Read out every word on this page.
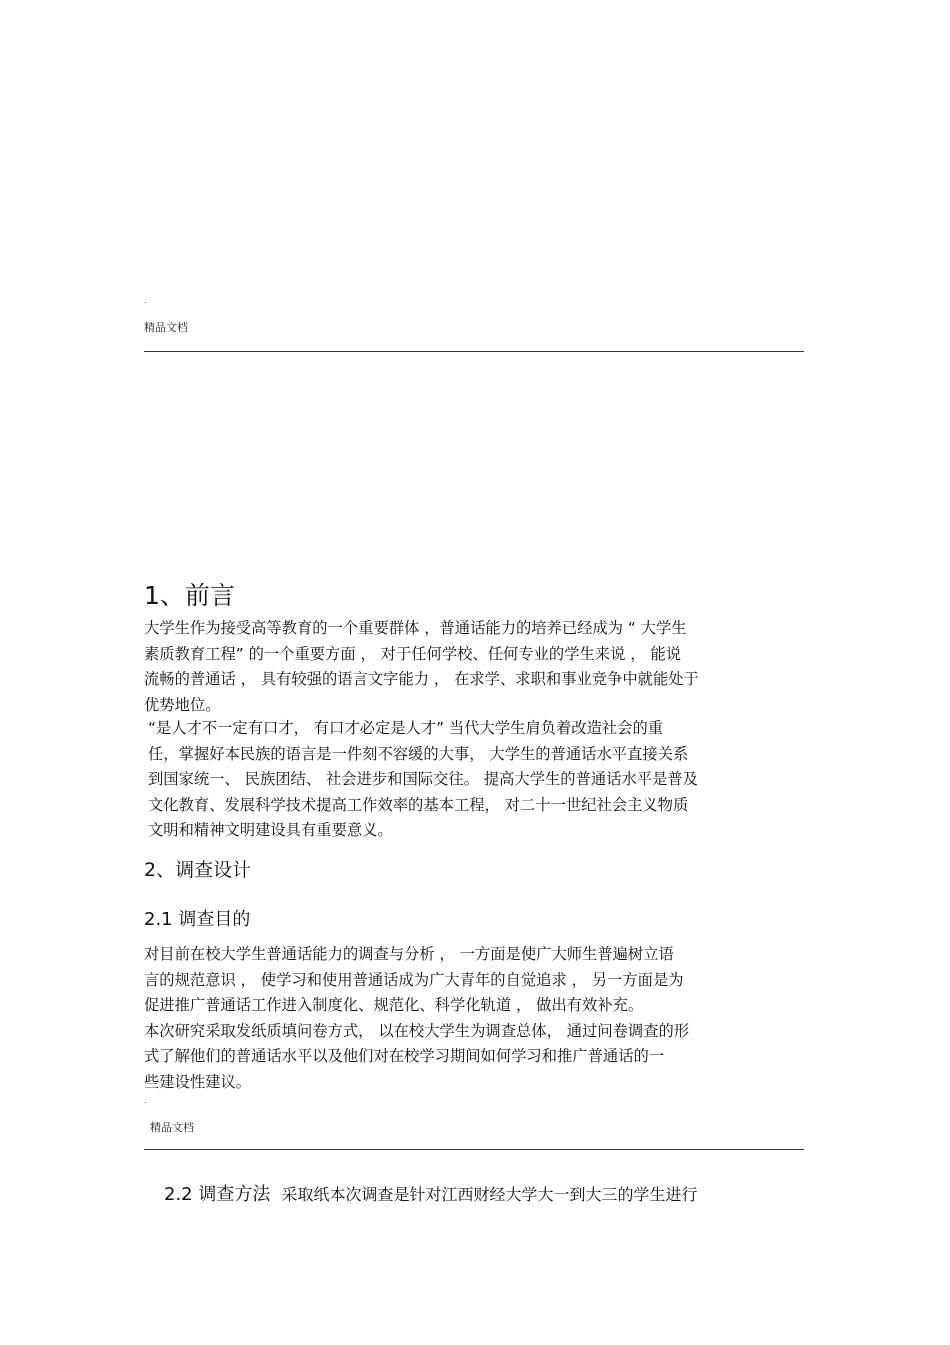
.
精品文档
1、前言
大学生作为接受高等教育的一个重要群体 ，普通话能力的培养已经成为 “ 大学生
素质教育工程” 的一个重要方面 ， 对于任何学校、任何专业的学生来说 ， 能说
流畅的普通话 ， 具有较强的语言文字能力 ， 在求学、求职和事业竞争中就能处于
优势地位。
“是人才不一定有口才， 有口才必定是人才” 当代大学生肩负着改造社会的重
任，掌握好本民族的语言是一件刻不容缓的大事， 大学生的普通话水平直接关系
到国家统一、 民族团结、 社会进步和国际交往。 提高大学生的普通话水平是普及
文化教育、发展科学技术提高工作效率的基本工程， 对二十一世纪社会主义物质
文明和精神文明建设具有重要意义。
2、调查设计
2.1 调查目的
对目前在校大学生普通话能力的调查与分析 ， 一方面是使广大师生普遍树立语
言的规范意识 ， 使学习和使用普通话成为广大青年的自觉追求 ， 另一方面是为
促进推广普通话工作进入制度化、规范化、科学化轨道 ， 做出有效补充。
本次研究采取发纸质填问卷方式， 以在校大学生为调查总体， 通过问卷调查的形
式了解他们的普通话水平以及他们对在校学习期间如何学习和推广普通话的一
些建设性建议。
.
精品文档
2.2 调查方法 采取纸本次调查是针对江西财经大学大一到大三的学生进行
